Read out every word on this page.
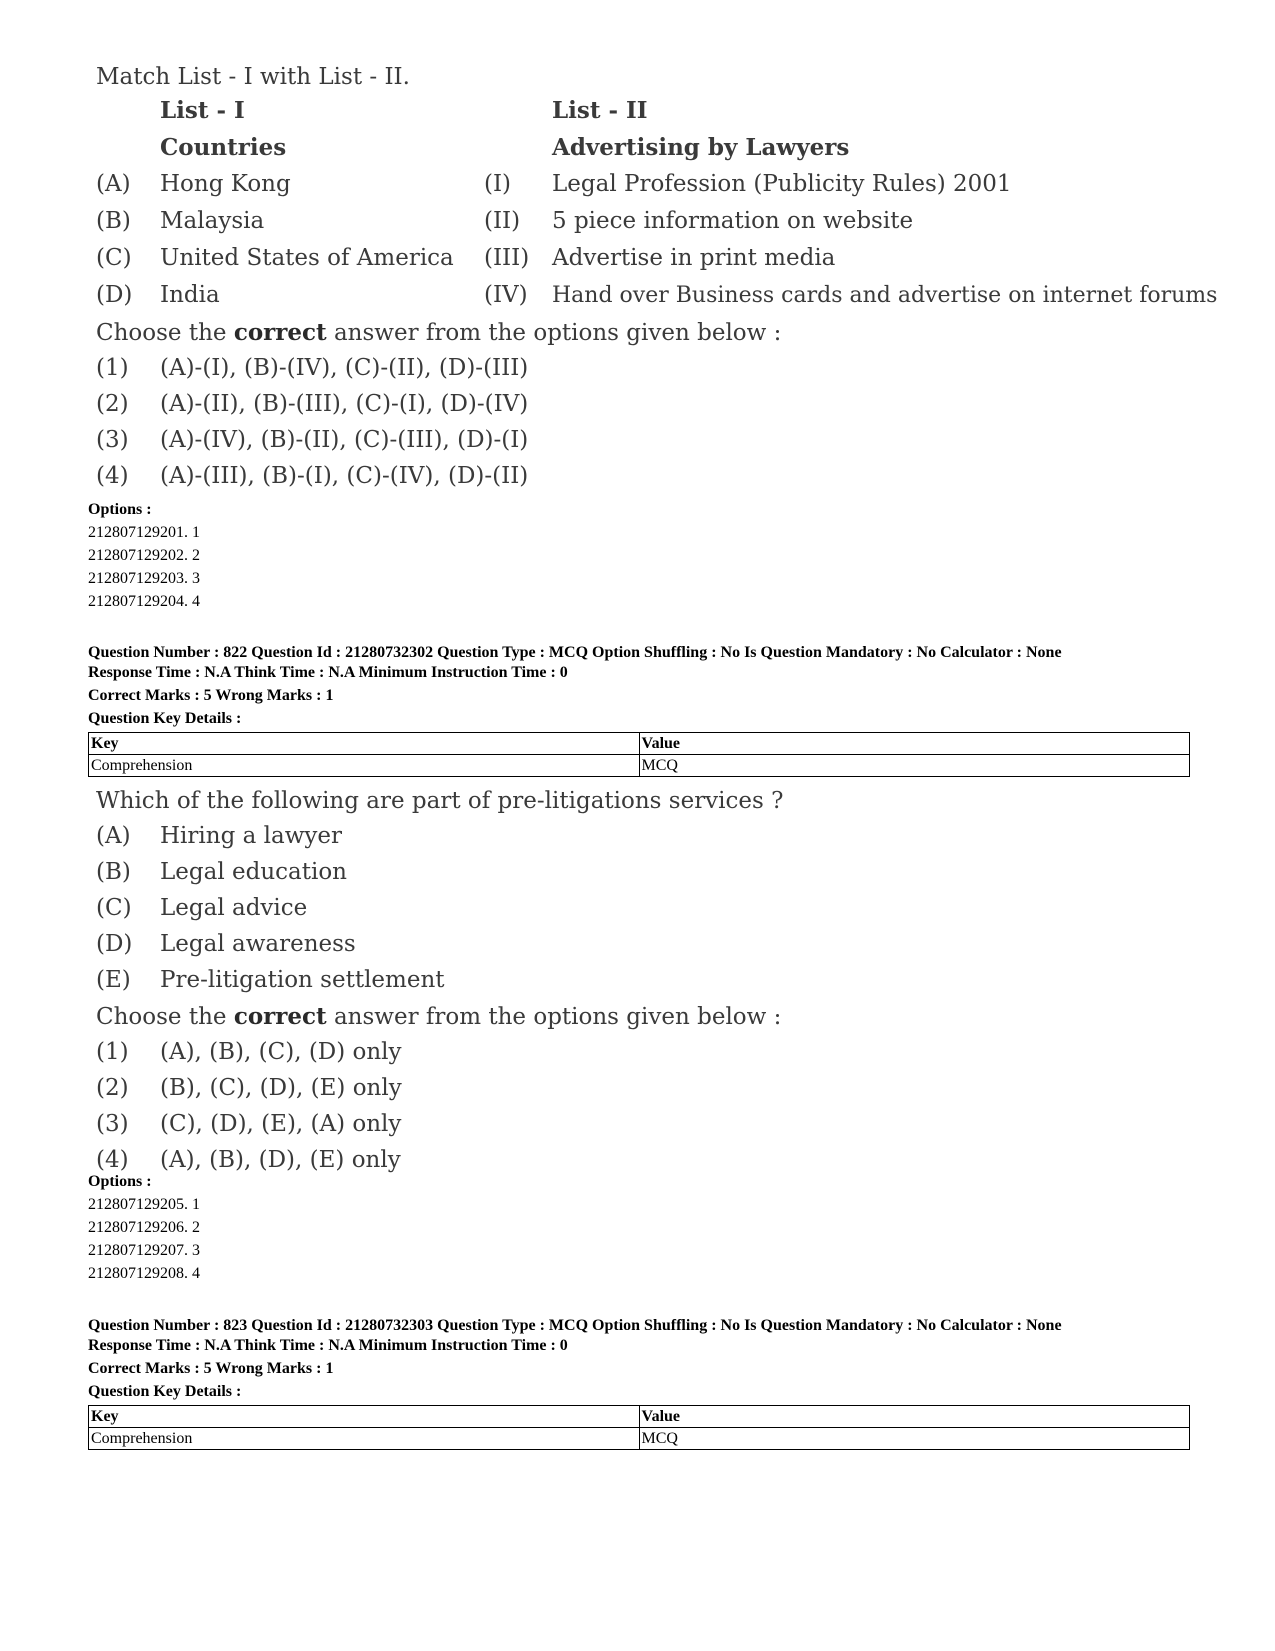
Match List - I with List - II.
List - I	List - II
Countries	Advertising by Lawyers
(A) Hong Kong	(I) Legal Profession (Publicity Rules) 2001
(B) Malaysia	(II) 5 piece information on website
(C) United States of America (III) Advertise in print media
(D) India	(IV) Hand over Business cards and advertise on internet forums
Choose the correct answer from the options given below :
(1) (A)-(I), (B)-(IV), (C)-(II), (D)-(III)
(2) (A)-(II), (B)-(III), (C)-(I), (D)-(IV)
(3) (A)-(IV), (B)-(II), (C)-(III), (D)-(I)
(4) (A)-(III), (B)-(I), (C)-(IV), (D)-(II)
Options :
212807129201. 1
212807129202. 2
212807129203. 3
212807129204. 4
Question Number : 822 Question Id : 21280732302 Question Type : MCQ Option Shuffling : No Is Question Mandatory : No Calculator : None
Response Time : N.A Think Time : N.A Minimum Instruction Time : 0
Correct Marks : 5 Wrong Marks : 1
Question Key Details :
Key	Value
Comprehension	MCQ
Which of the following are part of pre-litigations services ?
(A) Hiring a lawyer
(B) Legal education
(C) Legal advice
(D) Legal awareness
(E) Pre-litigation settlement
Choose the correct answer from the options given below :
(1) (A), (B), (C), (D) only
(2) (B), (C), (D), (E) only
(3) (C), (D), (E), (A) only
(4) (A), (B), (D), (E) only
Options :
212807129205. 1
212807129206. 2
212807129207. 3
212807129208. 4
Question Number : 823 Question Id : 21280732303 Question Type : MCQ Option Shuffling : No Is Question Mandatory : No Calculator : None
Response Time : N.A Think Time : N.A Minimum Instruction Time : 0
Correct Marks : 5 Wrong Marks : 1
Question Key Details :
Key	Value
Comprehension	MCQ
